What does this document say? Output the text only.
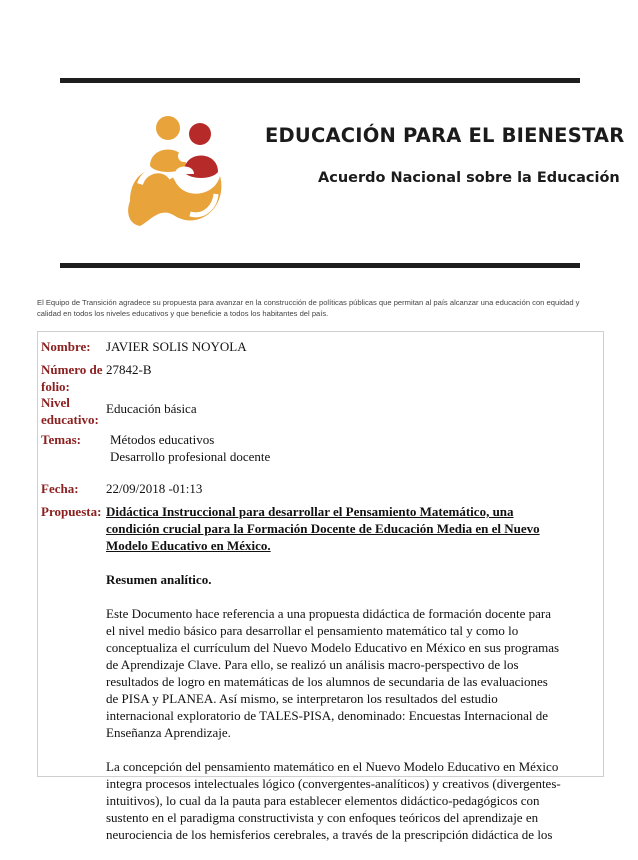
EDUCACIÓN PARA EL BIENESTAR
Acuerdo Nacional sobre la Educación
El Equipo de Transición agradece su propuesta para avanzar en la construcción de políticas públicas que permitan al país alcanzar una educación con equidad y calidad en todos los niveles educativos y que beneficie a todos los habitantes del país.
Nombre:	JAVIER SOLIS NOYOLA
Número de folio:
27842-B
Nivel educativo:
Educación básica
Temas:	Métodos educativos
Desarrollo profesional docente
Fecha:	22/09/2018 -01:13
Propuesta: Didáctica Instruccional para desarrollar el Pensamiento Matemático, una condición crucial para la Formación Docente de Educación Media en el Nuevo Modelo Educativo en México.

Resumen analítico.

Este Documento hace referencia a una propuesta didáctica de formación docente para el nivel medio básico para desarrollar el pensamiento matemático tal y como lo conceptualiza el currículum del Nuevo Modelo Educativo en México en sus programas de Aprendizaje Clave. Para ello, se realizó un análisis macro-perspectivo de los resultados de logro en matemáticas de los alumnos de secundaria de las evaluaciones de PISA y PLANEA. Así mismo, se interpretaron los resultados del estudio internacional exploratorio de TALES-PISA, denominado: Encuestas Internacional de Enseñanza Aprendizaje.

La concepción del pensamiento matemático en el Nuevo Modelo Educativo en México integra procesos intelectuales lógico (convergentes-analíticos) y creativos (divergentes-intuitivos), lo cual da la pauta para establecer elementos didáctico-pedagógicos con sustento en el paradigma constructivista y con enfoques teóricos del aprendizaje en neurociencia de los hemisferios cerebrales, a través de la prescripción didáctica de los
